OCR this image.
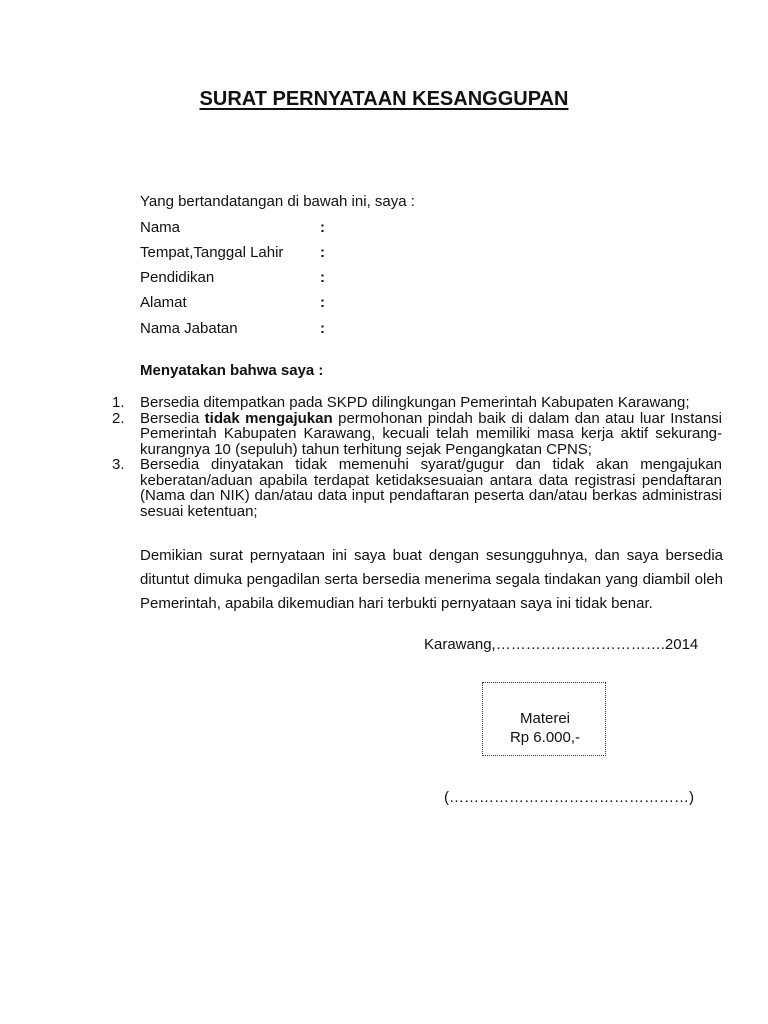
SURAT PERNYATAAN KESANGGUPAN
Yang bertandatangan di bawah ini, saya :
Nama	:
Tempat,Tanggal Lahir :
Pendidikan	:
Alamat	:
Nama Jabatan	:
Menyatakan bahwa saya :
1. Bersedia ditempatkan pada SKPD dilingkungan Pemerintah Kabupaten Karawang;

2. Bersedia tidak mengajukan permohonan pindah baik di dalam dan atau luar Instansi Pemerintah Kabupaten Karawang, kecuali telah memiliki masa kerja aktif sekurang-kurangnya 10 (sepuluh) tahun terhitung sejak Pengangkatan CPNS;

3. Bersedia dinyatakan tidak memenuhi syarat/gugur dan tidak akan mengajukan keberatan/aduan apabila terdapat ketidaksesuaian antara data registrasi pendaftaran (Nama dan NIK) dan/atau data input pendaftaran peserta dan/atau berkas administrasi sesuai ketentuan;

Demikian surat pernyataan ini saya buat dengan sesungguhnya, dan saya bersedia dituntut dimuka pengadilan serta bersedia menerima segala tindakan yang diambil oleh Pemerintah, apabila dikemudian hari terbukti pernyataan saya ini tidak benar.

Karawang,…………………………….2014
Materei
Rp 6.000,-
(…………………………………………)
